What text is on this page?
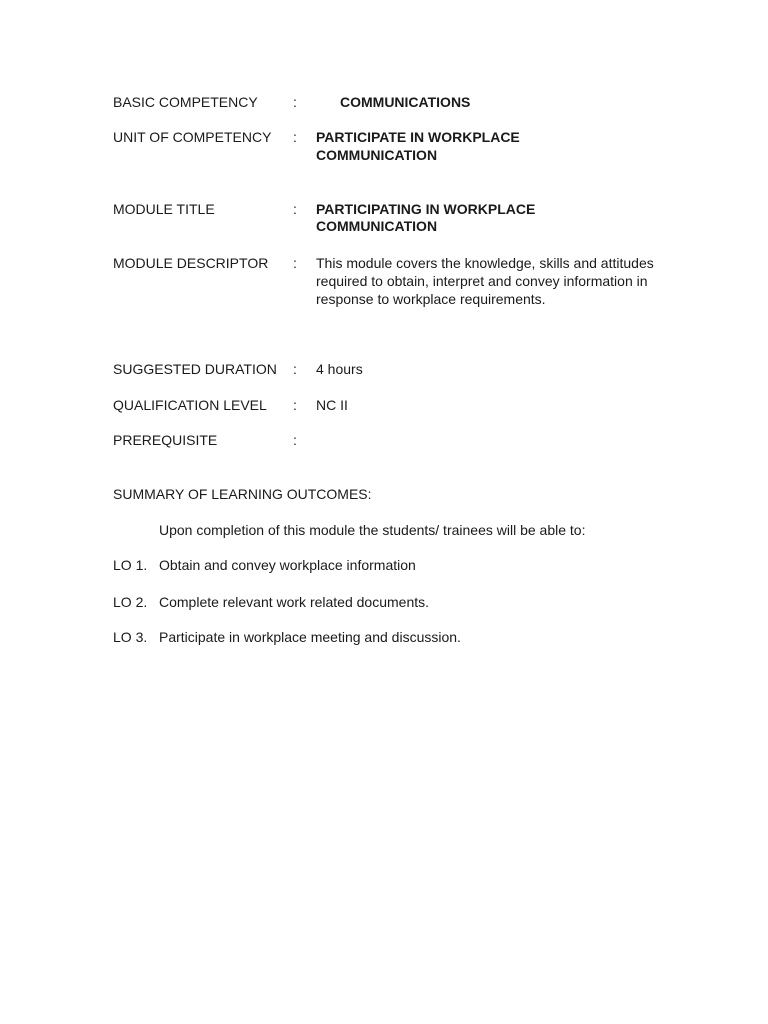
BASIC COMPETENCY	:	COMMUNICATIONS

UNIT OF COMPETENCY : PARTICIPATE IN WORKPLACE

COMMUNICATION

MODULE TITLE	: PARTICIPATING IN WORKPLACE

COMMUNICATION

MODULE DESCRIPTOR : This module covers the knowledge, skills and attitudes required to obtain, interpret and convey information in response to workplace requirements.

SUGGESTED DURATION : 4 hours

QUALIFICATION LEVEL : NC II

PREREQUISITE	:

SUMMARY OF LEARNING OUTCOMES:

Upon completion of this module the students/ trainees will be able to:

LO 1. Obtain and convey workplace information

LO 2. Complete relevant work related documents.

LO 3. Participate in workplace meeting and discussion.
